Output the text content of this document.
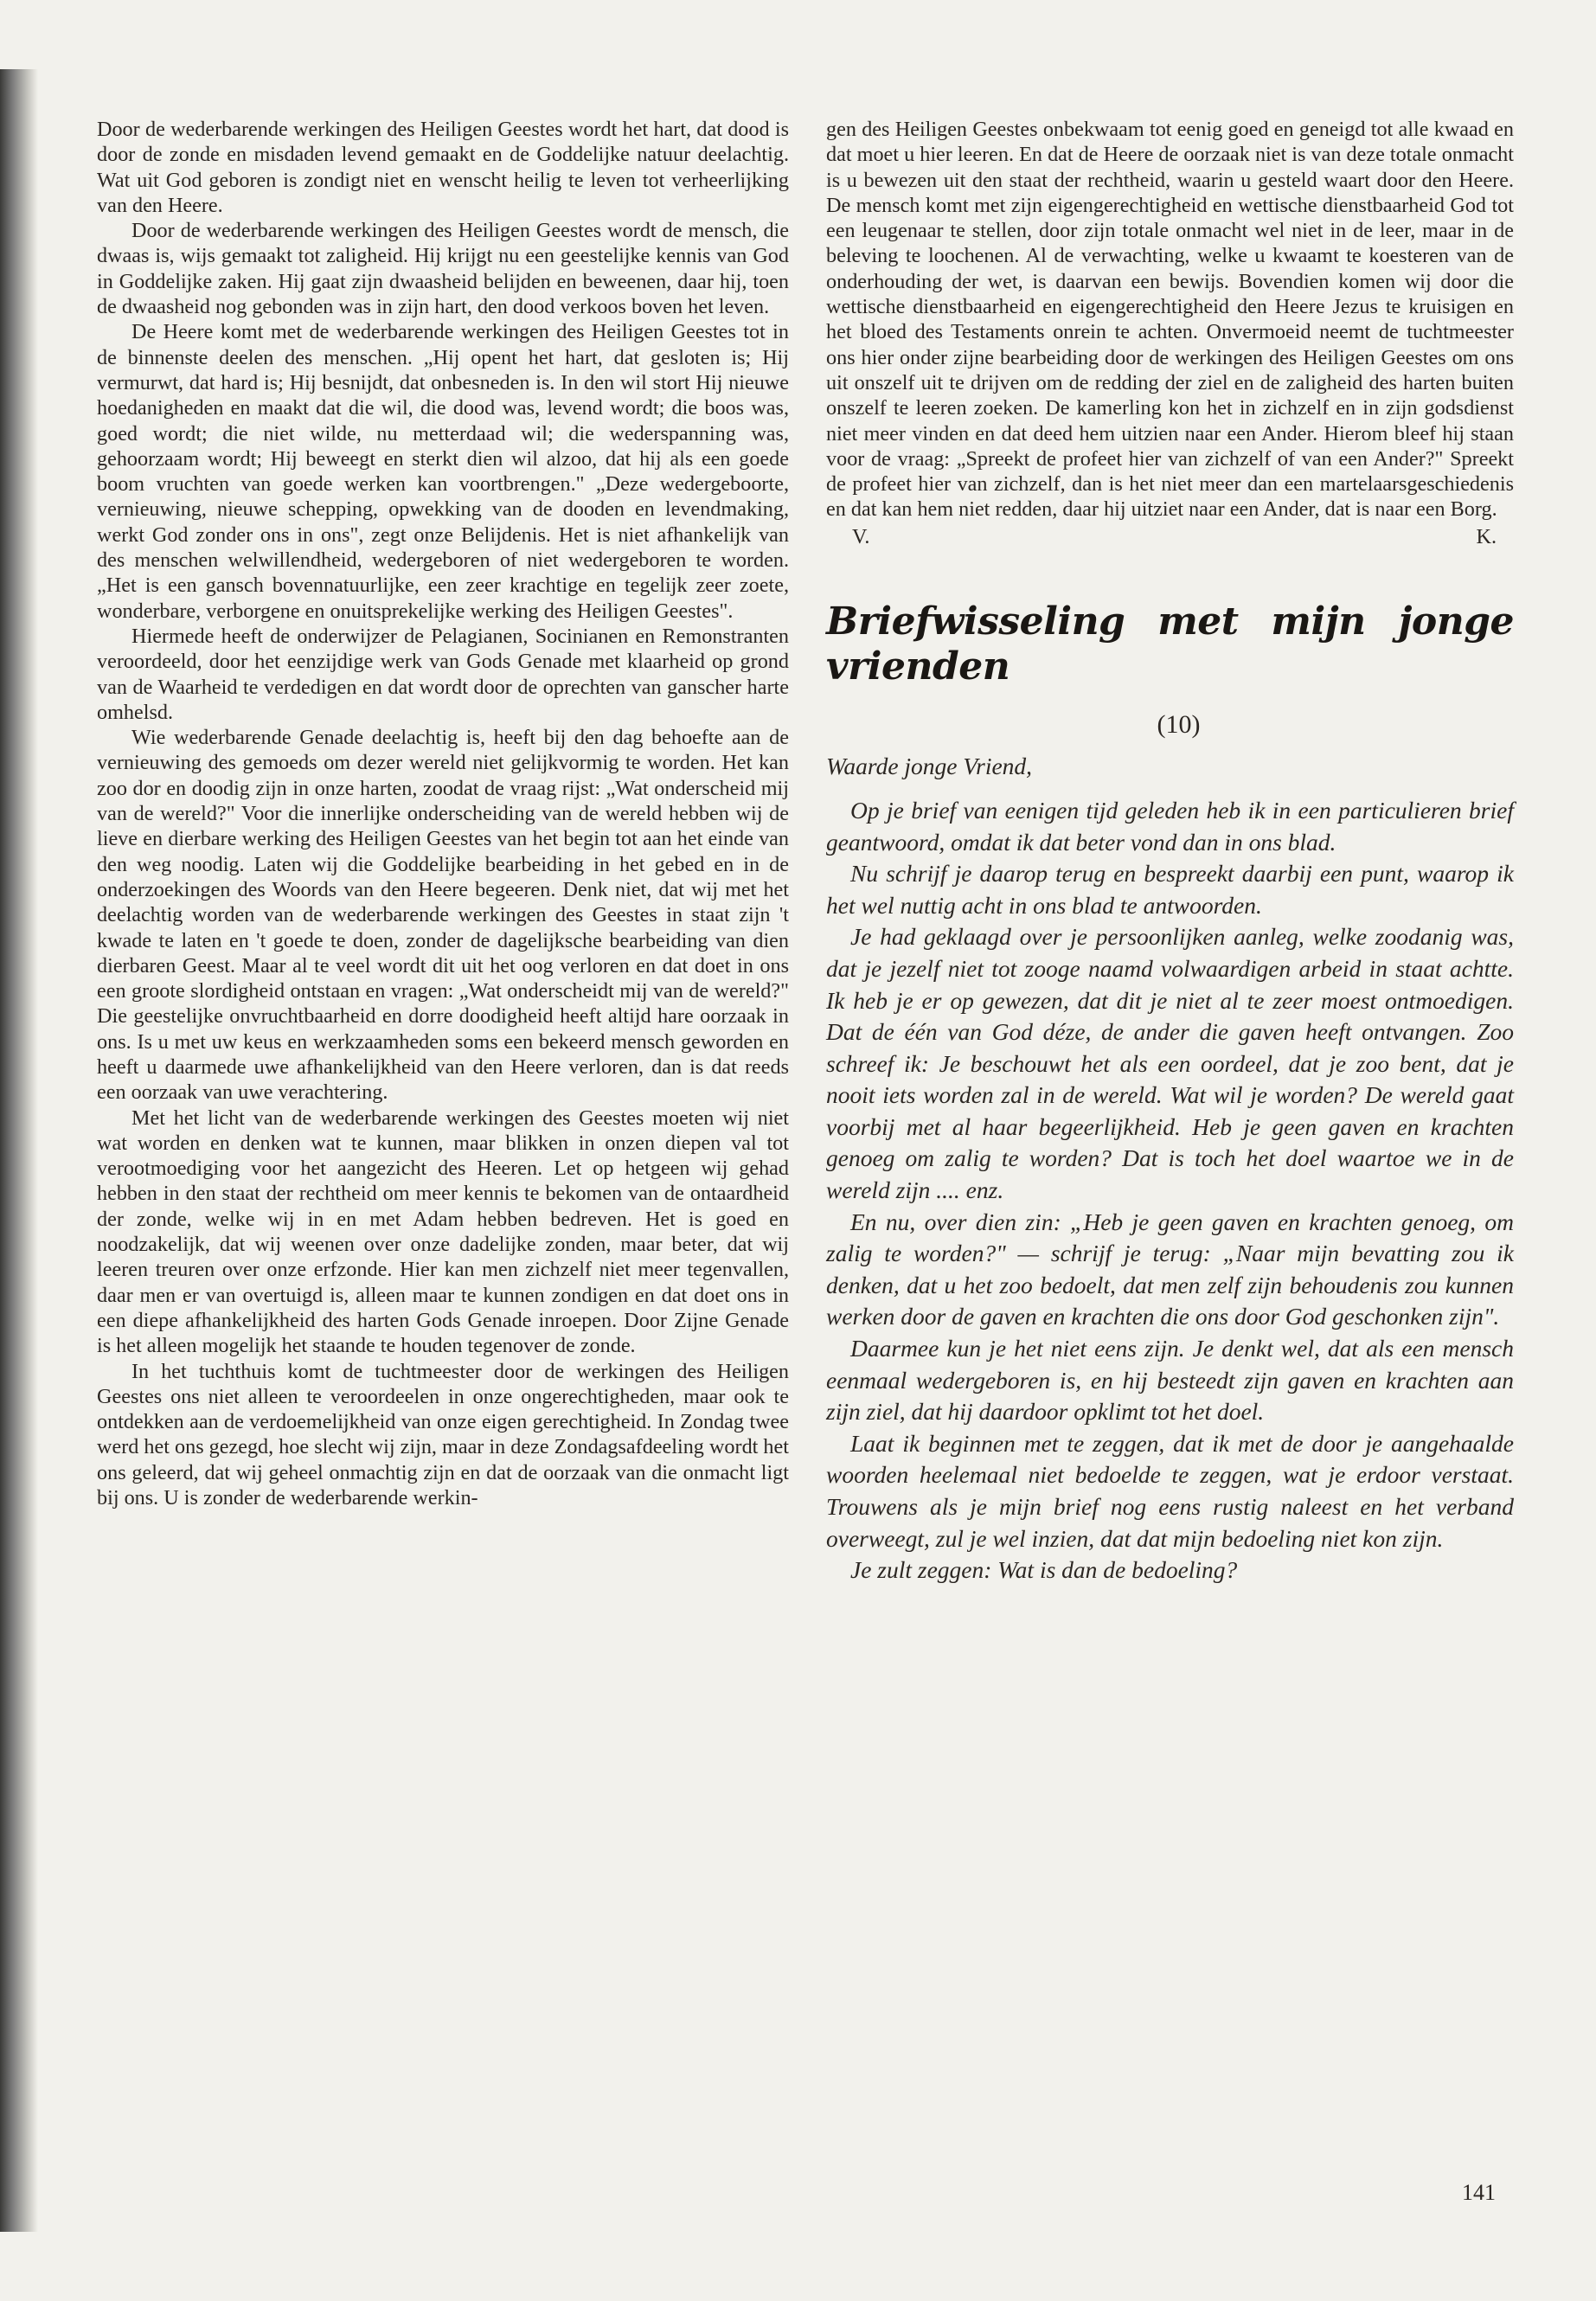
Door de wederbarende werkingen des Heiligen Geestes wordt het hart, dat dood is door de zonde en misdaden levend gemaakt en de Goddelijke natuur deelachtig. Wat uit God geboren is zondigt niet en wenscht heilig te leven tot verheerlijking van den Heere.

Door de wederbarende werkingen des Heiligen Geestes wordt de mensch, die dwaas is, wijs gemaakt tot zaligheid. Hij krijgt nu een geestelijke kennis van God in Goddelijke zaken. Hij gaat zijn dwaasheid belijden en beweenen, daar hij, toen de dwaasheid nog gebonden was in zijn hart, den dood verkoos boven het leven.

De Heere komt met de wederbarende werkingen des Heiligen Geestes tot in de binnenste deelen des menschen. „Hij opent het hart, dat gesloten is; Hij vermurwt, dat hard is; Hij besnijdt, dat onbesneden is. In den wil stort Hij nieuwe hoedanigheden en maakt dat die wil, die dood was, levend wordt; die boos was, goed wordt; die niet wilde, nu metterdaad wil; die wederspanning was, gehoorzaam wordt; Hij beweegt en sterkt dien wil alzoo, dat hij als een goede boom vruchten van goede werken kan voortbrengen." „Deze wedergeboorte, vernieuwing, nieuwe schepping, opwekking van de dooden en levendmaking, werkt God zonder ons in ons", zegt onze Belijdenis. Het is niet afhankelijk van des menschen welwillendheid, wedergeboren of niet wedergeboren te worden. „Het is een gansch bovennatuurlijke, een zeer krachtige en tegelijk zeer zoete, wonderbare, verborgene en onuitsprekelijke werking des Heiligen Geestes".

Hiermede heeft de onderwijzer de Pelagianen, Socinianen en Remonstranten veroordeeld, door het eenzijdige werk van Gods Genade met klaarheid op grond van de Waarheid te verdedigen en dat wordt door de oprechten van ganscher harte omhelsd.

Wie wederbarende Genade deelachtig is, heeft bij den dag behoefte aan de vernieuwing des gemoeds om dezer wereld niet gelijkvormig te worden. Het kan zoo dor en doodig zijn in onze harten, zoodat de vraag rijst: „Wat onderscheid mij van de wereld?" Voor die innerlijke onderscheiding van de wereld hebben wij de lieve en dierbare werking des Heiligen Geestes van het begin tot aan het einde van den weg noodig. Laten wij die Goddelijke bearbeiding in het gebed en in de onderzoekingen des Woords van den Heere begeeren. Denk niet, dat wij met het deelachtig worden van de wederbarende werkingen des Geestes in staat zijn 't kwade te laten en 't goede te doen, zonder de dagelijksche bearbeiding van dien dierbaren Geest. Maar al te veel wordt dit uit het oog verloren en dat doet in ons een groote slordigheid ontstaan en vragen: „Wat onderscheidt mij van de wereld?" Die geestelijke onvruchtbaarheid en dorre doodigheid heeft altijd hare oorzaak in ons. Is u met uw keus en werkzaamheden soms een bekeerd mensch geworden en heeft u daarmede uwe afhankelijkheid van den Heere verloren, dan is dat reeds een oorzaak van uwe verachtering.

Met het licht van de wederbarende werkingen des Geestes moeten wij niet wat worden en denken wat te kunnen, maar blikken in onzen diepen val tot verootmoediging voor het aangezicht des Heeren. Let op hetgeen wij gehad hebben in den staat der rechtheid om meer kennis te bekomen van de ontaardheid der zonde, welke wij in en met Adam hebben bedreven. Het is goed en noodzakelijk, dat wij weenen over onze dadelijke zonden, maar beter, dat wij leeren treuren over onze erfzonde. Hier kan men zichzelf niet meer tegenvallen, daar men er van overtuigd is, alleen maar te kunnen zondigen en dat doet ons in een diepe afhankelijkheid des harten Gods Genade inroepen. Door Zijne Genade is het alleen mogelijk het staande te houden tegenover de zonde.

In het tuchthuis komt de tuchtmeester door de werkingen des Heiligen Geestes ons niet alleen te veroordeelen in onze ongerechtigheden, maar ook te ontdekken aan de verdoemelijkheid van onze eigen gerechtigheid. In Zondag twee werd het ons gezegd, hoe slecht wij zijn, maar in deze Zondagsafdeeling wordt het ons geleerd, dat wij geheel onmachtig zijn en dat de oorzaak van die onmacht ligt bij ons. U is zonder de wederbarende werkin-

gen des Heiligen Geestes onbekwaam tot eenig goed en geneigd tot alle kwaad en dat moet u hier leeren. En dat de Heere de oorzaak niet is van deze totale onmacht is u bewezen uit den staat der rechtheid, waarin u gesteld waart door den Heere. De mensch komt met zijn eigengerechtigheid en wettische dienstbaarheid God tot een leugenaar te stellen, door zijn totale onmacht wel niet in de leer, maar in de beleving te loochenen. Al de verwachting, welke u kwaamt te koesteren van de onderhouding der wet, is daarvan een bewijs. Bovendien komen wij door die wettische dienstbaarheid en eigengerechtigheid den Heere Jezus te kruisigen en het bloed des Testaments onrein te achten. Onvermoeid neemt de tuchtmeester ons hier onder zijne bearbeiding door de werkingen des Heiligen Geestes om ons uit onszelf uit te drijven om de redding der ziel en de zaligheid des harten buiten onszelf te leeren zoeken. De kamerling kon het in zichzelf en in zijn godsdienst niet meer vinden en dat deed hem uitzien naar een Ander. Hierom bleef hij staan voor de vraag: „Spreekt de profeet hier van zichzelf of van een Ander?" Spreekt de profeet hier van zichzelf, dan is het niet meer dan een martelaarsgeschiedenis en dat kan hem niet redden, daar hij uitziet naar een Ander, dat is naar een Borg.

V.	K.
Briefwisseling met mijn jonge vrienden
(10)

Waarde jonge Vriend,

Op je brief van eenigen tijd geleden heb ik in een particulieren brief geantwoord, omdat ik dat beter vond dan in ons blad.

Nu schrijf je daarop terug en bespreekt daarbij een punt, waarop ik het wel nuttig acht in ons blad te antwoorden.

Je had geklaagd over je persoonlijken aanleg, welke zoodanig was, dat je jezelf niet tot zooge naamd volwaardigen arbeid in staat achtte. Ik heb je er op gewezen, dat dit je niet al te zeer moest ontmoedigen. Dat de één van God déze, de ander die gaven heeft ontvangen. Zoo schreef ik: Je beschouwt het als een oordeel, dat je zoo bent, dat je nooit iets worden zal in de wereld. Wat wil je worden? De wereld gaat voorbij met al haar begeerlijkheid. Heb je geen gaven en krachten genoeg om zalig te worden? Dat is toch het doel waartoe we in de wereld zijn .... enz.

En nu, over dien zin: „Heb je geen gaven en krachten genoeg, om zalig te worden?" — schrijf je terug: „Naar mijn bevatting zou ik denken, dat u het zoo bedoelt, dat men zelf zijn behoudenis zou kunnen werken door de gaven en krachten die ons door God geschonken zijn".

Daarmee kun je het niet eens zijn. Je denkt wel, dat als een mensch eenmaal wedergeboren is, en hij besteedt zijn gaven en krachten aan zijn ziel, dat hij daardoor opklimt tot het doel.

Laat ik beginnen met te zeggen, dat ik met de door je aangehaalde woorden heelemaal niet bedoelde te zeggen, wat je erdoor verstaat. Trouwens als je mijn brief nog eens rustig naleest en het verband overweegt, zul je wel inzien, dat dat mijn bedoeling niet kon zijn.

Je zult zeggen: Wat is dan de bedoeling?

141
